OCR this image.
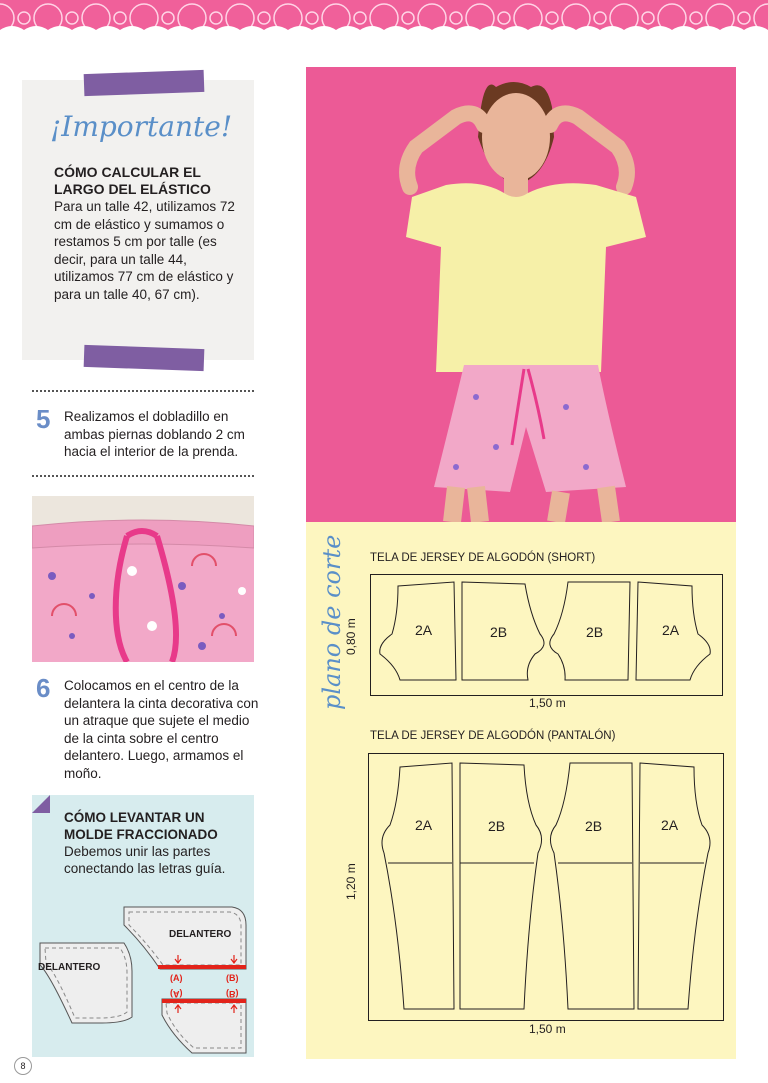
¡Importante!
CÓMO CALCULAR EL LARGO DEL ELÁSTICO
Para un talle 42, utilizamos 72 cm de elástico y sumamos o restamos 5 cm por talle (es decir, para un talle 44, utilizamos 77 cm de elástico y para un talle 40, 67 cm).
5 Realizamos el dobladillo en ambas piernas doblando 2 cm hacia el interior de la prenda.
6 Colocamos en el centro de la delantera la cinta decorativa con un atraque que sujete el medio de la cinta sobre el centro delantero. Luego, armamos el moño.
CÓMO LEVANTAR UN MOLDE FRACCIONADO
Debemos unir las partes conectando las letras guía.
DELANTERO
DELANTERO
(A)	(B)
(A)	(B)
plano de corte TELA DE JERSEY DE ALGODÓN (SHORT)
2A	2B	2B	2A
0,80 m
1,50 m
TELA DE JERSEY DE ALGODÓN (PANTALÓN)
2A	2B	2B	2A
1,20 m
1,50 m
8
